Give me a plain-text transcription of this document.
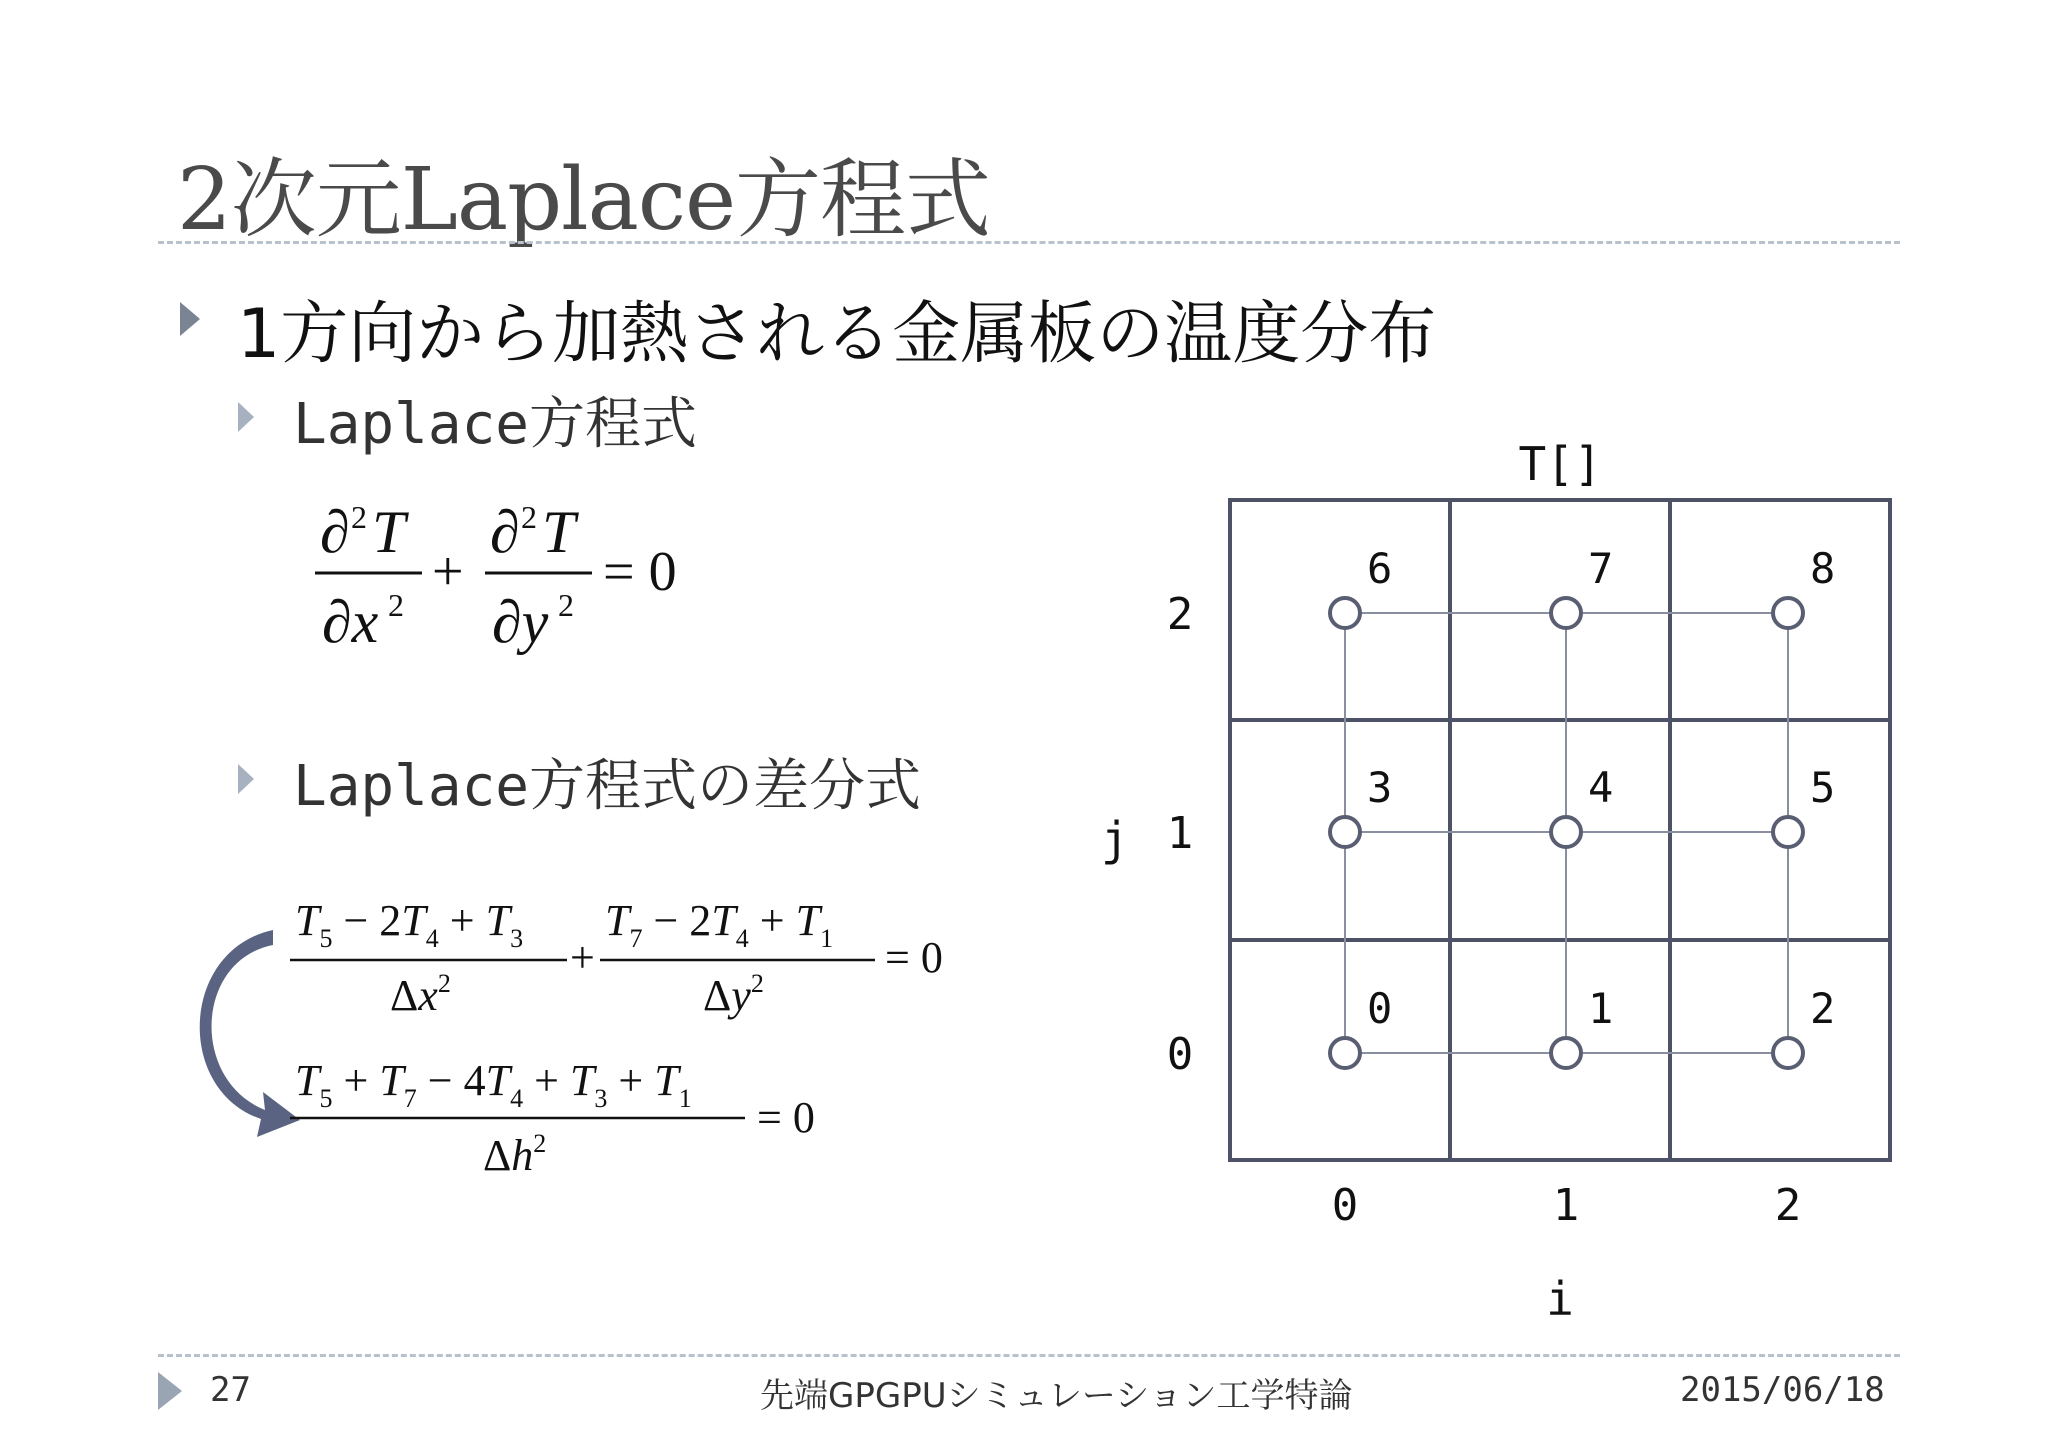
2次元Laplace方程式
1方向から加熱される金属板の温度分布
Laplace方程式
∂ 2 T
∂x 2
+
∂ 2 T
∂y 2
= 0
Laplace方程式の差分式
$T_5 - 2T_4 + T_3$
$\Delta x^2$
+
$T_7 - 2T_4 + T_1$
$\Delta y^2$
= 0
$T_5 + T_7 - 4T_4 + T_3 + T_1$
$\Delta h^2$
= 0
T[]
6	7	8
3	4	5
0	1	2
j
i
0	1	2
2
1
0
27	先端GPGPUシミュレーション工学特論	2015/06/18
